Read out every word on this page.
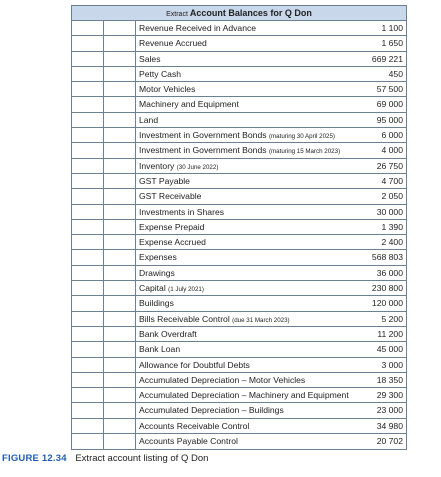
Extract Account Balances for Q Don
Revenue Received in Advance	1 100
Revenue Accrued	1 650
Sales	669 221
Petty Cash	450
Motor Vehicles	57 500
Machinery and Equipment	69 000
Land	95 000
Investment in Government Bonds (maturing 30 April 2025)	6 000
Investment in Government Bonds (maturing 15 March 2023)	4 000
Inventory (30 June 2022)	26 750
GST Payable	4 700
GST Receivable	2 050
Investments in Shares	30 000
Expense Prepaid	1 390
Expense Accrued	2 400
Expenses	568 803
Drawings	36 000
Capital (1 July 2021)	230 800
Buildings	120 000
Bills Receivable Control (due 31 March 2023)	5 200
Bank Overdraft	11 200
Bank Loan	45 000
Allowance for Doubtful Debts	3 000
Accumulated Depreciation – Motor Vehicles	18 350
Accumulated Depreciation – Machinery and Equipment	29 300
Accumulated Depreciation – Buildings	23 000
Accounts Receivable Control	34 980
Accounts Payable Control	20 702
FIGURE 12.34 Extract account listing of Q Don
